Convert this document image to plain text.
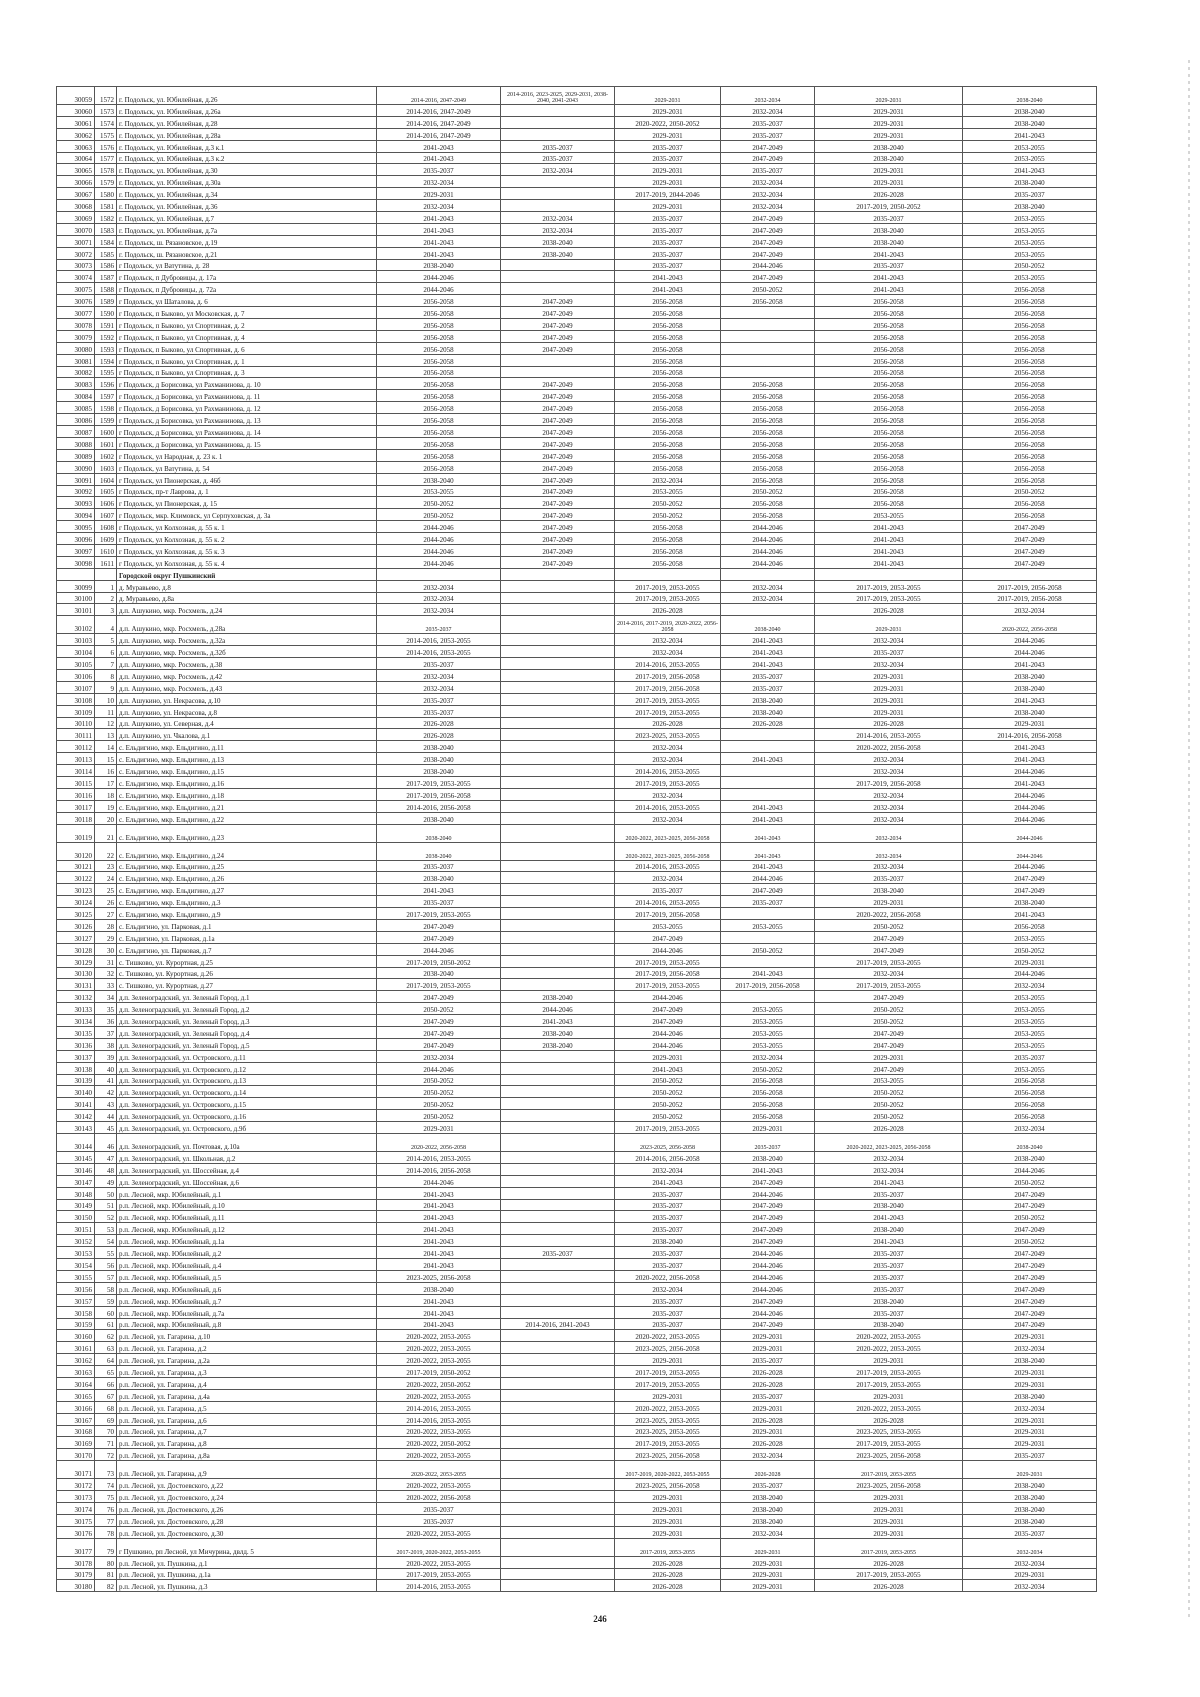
30059	1572	г. Подольск, ул. Юбилейная, д.26	2014-2016, 2047-2049	2014-2016, 2023-2025, 2029-2031, 2038-2040, 2041-2043	2029-2031	2032-2034	2029-2031	2038-2040
30060	1573	г. Подольск, ул. Юбилейная, д.26а	2014-2016, 2047-2049		2029-2031	2032-2034	2029-2031	2038-2040
30061	1574	г. Подольск, ул. Юбилейная, д.28	2014-2016, 2047-2049		2020-2022, 2050-2052	2035-2037	2029-2031	2038-2040
30062	1575	г. Подольск, ул. Юбилейная, д.28а	2014-2016, 2047-2049		2029-2031	2035-2037	2029-2031	2041-2043
30063	1576	г. Подольск, ул. Юбилейная, д.3 к.1	2041-2043	2035-2037	2035-2037	2047-2049	2038-2040	2053-2055
30064	1577	г. Подольск, ул. Юбилейная, д.3 к.2	2041-2043	2035-2037	2035-2037	2047-2049	2038-2040	2053-2055
30065	1578	г. Подольск, ул. Юбилейная, д.30	2035-2037	2032-2034	2029-2031	2035-2037	2029-2031	2041-2043
30066	1579	г. Подольск, ул. Юбилейная, д.30а	2032-2034		2029-2031	2032-2034	2029-2031	2038-2040
30067	1580	г. Подольск, ул. Юбилейная, д.34	2029-2031		2017-2019, 2044-2046	2032-2034	2026-2028	2035-2037
30068	1581	г. Подольск, ул. Юбилейная, д.36	2032-2034		2029-2031	2032-2034	2017-2019, 2050-2052	2038-2040
30069	1582	г. Подольск, ул. Юбилейная, д.7	2041-2043	2032-2034	2035-2037	2047-2049	2035-2037	2053-2055
30070	1583	г. Подольск, ул. Юбилейная, д.7а	2041-2043	2032-2034	2035-2037	2047-2049	2038-2040	2053-2055
30071	1584	г. Подольск, ш. Рязановское, д.19	2041-2043	2038-2040	2035-2037	2047-2049	2038-2040	2053-2055
30072	1585	г. Подольск, ш. Рязановское, д.21	2041-2043	2038-2040	2035-2037	2047-2049	2041-2043	2053-2055
30073	1586	г Подольск, ул Ватутина, д. 28	2038-2040		2035-2037	2044-2046	2035-2037	2050-2052
30074	1587	г Подольск, п Дубровицы, д. 17а	2044-2046		2041-2043	2047-2049	2041-2043	2053-2055
30075	1588	г Подольск, п Дубровицы, д. 72а	2044-2046		2041-2043	2050-2052	2041-2043	2056-2058
30076	1589	г Подольск, ул Шаталова, д. 6	2056-2058	2047-2049	2056-2058	2056-2058	2056-2058	2056-2058
30077	1590	г Подольск, п Быково, ул Московская, д. 7	2056-2058	2047-2049	2056-2058		2056-2058	2056-2058
30078	1591	г Подольск, п Быково, ул Спортивная, д. 2	2056-2058	2047-2049	2056-2058		2056-2058	2056-2058
30079	1592	г Подольск, п Быково, ул Спортивная, д. 4	2056-2058	2047-2049	2056-2058		2056-2058	2056-2058
30080	1593	г Подольск, п Быково, ул Спортивная, д. 6	2056-2058	2047-2049	2056-2058		2056-2058	2056-2058
30081	1594	г Подольск, п Быково, ул Спортивная, д. 1	2056-2058		2056-2058		2056-2058	2056-2058
30082	1595	г Подольск, п Быково, ул Спортивная, д. 3	2056-2058		2056-2058		2056-2058	2056-2058
30083	1596	г Подольск, д Борисовка, ул Рахманинова, д. 10	2056-2058	2047-2049	2056-2058	2056-2058	2056-2058	2056-2058
30084	1597	г Подольск, д Борисовка, ул Рахманинова, д. 11	2056-2058	2047-2049	2056-2058	2056-2058	2056-2058	2056-2058
30085	1598	г Подольск, д Борисовка, ул Рахманинова, д. 12	2056-2058	2047-2049	2056-2058	2056-2058	2056-2058	2056-2058
30086	1599	г Подольск, д Борисовка, ул Рахманинова, д. 13	2056-2058	2047-2049	2056-2058	2056-2058	2056-2058	2056-2058
30087	1600	г Подольск, д Борисовка, ул Рахманинова, д. 14	2056-2058	2047-2049	2056-2058	2056-2058	2056-2058	2056-2058
30088	1601	г Подольск, д Борисовка, ул Рахманинова, д. 15	2056-2058	2047-2049	2056-2058	2056-2058	2056-2058	2056-2058
30089	1602	г Подольск, ул Народная, д. 23 к. 1	2056-2058	2047-2049	2056-2058	2056-2058	2056-2058	2056-2058
30090	1603	г Подольск, ул Ватутина, д. 54	2056-2058	2047-2049	2056-2058	2056-2058	2056-2058	2056-2058
30091	1604	г Подольск, ул Пионерская, д. 46б	2038-2040	2047-2049	2032-2034	2056-2058	2056-2058	2056-2058
30092	1605	г Подольск, пр-т Лаврова, д. 1	2053-2055	2047-2049	2053-2055	2050-2052	2056-2058	2050-2052
30093	1606	г Подольск, ул Пионерская, д. 15	2050-2052	2047-2049	2050-2052	2056-2058	2056-2058	2056-2058
30094	1607	г Подольск, мкр. Климовск, ул Серпуховская, д. 3а	2050-2052	2047-2049	2050-2052	2056-2058	2053-2055	2056-2058
30095	1608	г Подольск, ул Колхозная, д. 55 к. 1	2044-2046	2047-2049	2056-2058	2044-2046	2041-2043	2047-2049
30096	1609	г Подольск, ул Колхозная, д. 55 к. 2	2044-2046	2047-2049	2056-2058	2044-2046	2041-2043	2047-2049
30097	1610	г Подольск, ул Колхозная, д. 55 к. 3	2044-2046	2047-2049	2056-2058	2044-2046	2041-2043	2047-2049
30098	1611	г Подольск, ул Колхозная, д. 55 к. 4	2044-2046	2047-2049	2056-2058	2044-2046	2041-2043	2047-2049
		Городской округ Пушкинский						
30099	1	д. Муравьево, д.8	2032-2034		2017-2019, 2053-2055	2032-2034	2017-2019, 2053-2055	2017-2019, 2056-2058
30100	2	д. Муравьево, д.8а	2032-2034		2017-2019, 2053-2055	2032-2034	2017-2019, 2053-2055	2017-2019, 2056-2058
30101	3	д.п. Ашукино, мкр. Росхмель, д.24	2032-2034		2026-2028		2026-2028	2032-2034
30102	4	д.п. Ашукино, мкр. Росхмель, д.28а	2035-2037		2014-2016, 2017-2019, 2020-2022, 2056-2058	2038-2040	2029-2031	2020-2022, 2056-2058
30103	5	д.п. Ашукино, мкр. Росхмель, д.32а	2014-2016, 2053-2055		2032-2034	2041-2043	2032-2034	2044-2046
30104	6	д.п. Ашукино, мкр. Росхмель, д.32б	2014-2016, 2053-2055		2032-2034	2041-2043	2035-2037	2044-2046
30105	7	д.п. Ашукино, мкр. Росхмель, д.38	2035-2037		2014-2016, 2053-2055	2041-2043	2032-2034	2041-2043
30106	8	д.п. Ашукино, мкр. Росхмель, д.42	2032-2034		2017-2019, 2056-2058	2035-2037	2029-2031	2038-2040
30107	9	д.п. Ашукино, мкр. Росхмель, д.43	2032-2034		2017-2019, 2056-2058	2035-2037	2029-2031	2038-2040
30108	10	д.п. Ашукино, ул. Некрасова, д.10	2035-2037		2017-2019, 2053-2055	2038-2040	2029-2031	2041-2043
30109	11	д.п. Ашукино, ул. Некрасова, д.8	2035-2037		2017-2019, 2053-2055	2038-2040	2029-2031	2038-2040
30110	12	д.п. Ашукино, ул. Северная, д.4	2026-2028		2026-2028	2026-2028	2026-2028	2029-2031
30111	13	д.п. Ашукино, ул. Чкалова, д.1	2026-2028		2023-2025, 2053-2055		2014-2016, 2053-2055	2014-2016, 2056-2058
30112	14	с. Ельдигино, мкр. Ельдигино, д.11	2038-2040		2032-2034		2020-2022, 2056-2058	2041-2043
30113	15	с. Ельдигино, мкр. Ельдигино, д.13	2038-2040		2032-2034	2041-2043	2032-2034	2041-2043
30114	16	с. Ельдигино, мкр. Ельдигино, д.15	2038-2040		2014-2016, 2053-2055		2032-2034	2044-2046
30115	17	с. Ельдигино, мкр. Ельдигино, д.16	2017-2019, 2053-2055		2017-2019, 2053-2055		2017-2019, 2056-2058	2041-2043
30116	18	с. Ельдигино, мкр. Ельдигино, д.18	2017-2019, 2056-2058		2032-2034		2032-2034	2044-2046
30117	19	с. Ельдигино, мкр. Ельдигино, д.21	2014-2016, 2056-2058		2014-2016, 2053-2055	2041-2043	2032-2034	2044-2046
30118	20	с. Ельдигино, мкр. Ельдигино, д.22	2038-2040		2032-2034	2041-2043	2032-2034	2044-2046
30119	21	с. Ельдигино, мкр. Ельдигино, д.23	2038-2040		2020-2022, 2023-2025, 2056-2058	2041-2043	2032-2034	2044-2046
30120	22	с. Ельдигино, мкр. Ельдигино, д.24	2038-2040		2020-2022, 2023-2025, 2056-2058	2041-2043	2032-2034	2044-2046
30121	23	с. Ельдигино, мкр. Ельдигино, д.25	2035-2037		2014-2016, 2053-2055	2041-2043	2032-2034	2044-2046
30122	24	с. Ельдигино, мкр. Ельдигино, д.26	2038-2040		2032-2034	2044-2046	2035-2037	2047-2049
30123	25	с. Ельдигино, мкр. Ельдигино, д.27	2041-2043		2035-2037	2047-2049	2038-2040	2047-2049
30124	26	с. Ельдигино, мкр. Ельдигино, д.3	2035-2037		2014-2016, 2053-2055	2035-2037	2029-2031	2038-2040
30125	27	с. Ельдигино, мкр. Ельдигино, д.9	2017-2019, 2053-2055		2017-2019, 2056-2058		2020-2022, 2056-2058	2041-2043
30126	28	с. Ельдигино, ул. Парковая, д.1	2047-2049		2053-2055	2053-2055	2050-2052	2056-2058
30127	29	с. Ельдигино, ул. Парковая, д.1а	2047-2049		2047-2049		2047-2049	2053-2055
30128	30	с. Ельдигино, ул. Парковая, д.7	2044-2046		2044-2046	2050-2052	2047-2049	2050-2052
30129	31	с. Тишково, ул. Курортная, д.25	2017-2019, 2050-2052		2017-2019, 2053-2055		2017-2019, 2053-2055	2029-2031
30130	32	с. Тишково, ул. Курортная, д.26	2038-2040		2017-2019, 2056-2058	2041-2043	2032-2034	2044-2046
30131	33	с. Тишково, ул. Курортная, д.27	2017-2019, 2053-2055		2017-2019, 2053-2055	2017-2019, 2056-2058	2017-2019, 2053-2055	2032-2034
30132	34	д.п. Зеленоградский, ул. Зеленый Город, д.1	2047-2049	2038-2040	2044-2046		2047-2049	2053-2055
30133	35	д.п. Зеленоградский, ул. Зеленый Город, д.2	2050-2052	2044-2046	2047-2049	2053-2055	2050-2052	2053-2055
30134	36	д.п. Зеленоградский, ул. Зеленый Город, д.3	2047-2049	2041-2043	2047-2049	2053-2055	2050-2052	2053-2055
30135	37	д.п. Зеленоградский, ул. Зеленый Город, д.4	2047-2049	2038-2040	2044-2046	2053-2055	2047-2049	2053-2055
30136	38	д.п. Зеленоградский, ул. Зеленый Город, д.5	2047-2049	2038-2040	2044-2046	2053-2055	2047-2049	2053-2055
30137	39	д.п. Зеленоградский, ул. Островского, д.11	2032-2034		2029-2031	2032-2034	2029-2031	2035-2037
30138	40	д.п. Зеленоградский, ул. Островского, д.12	2044-2046		2041-2043	2050-2052	2047-2049	2053-2055
30139	41	д.п. Зеленоградский, ул. Островского, д.13	2050-2052		2050-2052	2056-2058	2053-2055	2056-2058
30140	42	д.п. Зеленоградский, ул. Островского, д.14	2050-2052		2050-2052	2056-2058	2050-2052	2056-2058
30141	43	д.п. Зеленоградский, ул. Островского, д.15	2050-2052		2050-2052	2056-2058	2050-2052	2056-2058
30142	44	д.п. Зеленоградский, ул. Островского, д.16	2050-2052		2050-2052	2056-2058	2050-2052	2056-2058
30143	45	д.п. Зеленоградский, ул. Островского, д.9б	2029-2031		2017-2019, 2053-2055	2029-2031	2026-2028	2032-2034
30144	46	д.п. Зеленоградский, ул. Почтовая, д.10а	2020-2022, 2056-2058		2023-2025, 2056-2058	2035-2037	2020-2022, 2023-2025, 2056-2058	2038-2040
30145	47	д.п. Зеленоградский, ул. Школьная, д.2	2014-2016, 2053-2055		2014-2016, 2056-2058	2038-2040	2032-2034	2038-2040
30146	48	д.п. Зеленоградский, ул. Шоссейная, д.4	2014-2016, 2056-2058		2032-2034	2041-2043	2032-2034	2044-2046
30147	49	д.п. Зеленоградский, ул. Шоссейная, д.6	2044-2046		2041-2043	2047-2049	2041-2043	2050-2052
30148	50	р.п. Лесной, мкр. Юбилейный, д.1	2041-2043		2035-2037	2044-2046	2035-2037	2047-2049
30149	51	р.п. Лесной, мкр. Юбилейный, д.10	2041-2043		2035-2037	2047-2049	2038-2040	2047-2049
30150	52	р.п. Лесной, мкр. Юбилейный, д.11	2041-2043		2035-2037	2047-2049	2041-2043	2050-2052
30151	53	р.п. Лесной, мкр. Юбилейный, д.12	2041-2043		2035-2037	2047-2049	2038-2040	2047-2049
30152	54	р.п. Лесной, мкр. Юбилейный, д.1а	2041-2043		2038-2040	2047-2049	2041-2043	2050-2052
30153	55	р.п. Лесной, мкр. Юбилейный, д.2	2041-2043	2035-2037	2035-2037	2044-2046	2035-2037	2047-2049
30154	56	р.п. Лесной, мкр. Юбилейный, д.4	2041-2043		2035-2037	2044-2046	2035-2037	2047-2049
30155	57	р.п. Лесной, мкр. Юбилейный, д.5	2023-2025, 2056-2058		2020-2022, 2056-2058	2044-2046	2035-2037	2047-2049
30156	58	р.п. Лесной, мкр. Юбилейный, д.6	2038-2040		2032-2034	2044-2046	2035-2037	2047-2049
30157	59	р.п. Лесной, мкр. Юбилейный, д.7	2041-2043		2035-2037	2047-2049	2038-2040	2047-2049
30158	60	р.п. Лесной, мкр. Юбилейный, д.7а	2041-2043		2035-2037	2044-2046	2035-2037	2047-2049
30159	61	р.п. Лесной, мкр. Юбилейный, д.8	2041-2043	2014-2016, 2041-2043	2035-2037	2047-2049	2038-2040	2047-2049
30160	62	р.п. Лесной, ул. Гагарина, д.10	2020-2022, 2053-2055		2020-2022, 2053-2055	2029-2031	2020-2022, 2053-2055	2029-2031
30161	63	р.п. Лесной, ул. Гагарина, д.2	2020-2022, 2053-2055		2023-2025, 2056-2058	2029-2031	2020-2022, 2053-2055	2032-2034
30162	64	р.п. Лесной, ул. Гагарина, д.2а	2020-2022, 2053-2055		2029-2031	2035-2037	2029-2031	2038-2040
30163	65	р.п. Лесной, ул. Гагарина, д.3	2017-2019, 2050-2052		2017-2019, 2053-2055	2026-2028	2017-2019, 2053-2055	2029-2031
30164	66	р.п. Лесной, ул. Гагарина, д.4	2020-2022, 2050-2052		2017-2019, 2053-2055	2026-2028	2017-2019, 2053-2055	2029-2031
30165	67	р.п. Лесной, ул. Гагарина, д.4а	2020-2022, 2053-2055		2029-2031	2035-2037	2029-2031	2038-2040
30166	68	р.п. Лесной, ул. Гагарина, д.5	2014-2016, 2053-2055		2020-2022, 2053-2055	2029-2031	2020-2022, 2053-2055	2032-2034
30167	69	р.п. Лесной, ул. Гагарина, д.6	2014-2016, 2053-2055		2023-2025, 2053-2055	2026-2028	2026-2028	2029-2031
30168	70	р.п. Лесной, ул. Гагарина, д.7	2020-2022, 2053-2055		2023-2025, 2053-2055	2029-2031	2023-2025, 2053-2055	2029-2031
30169	71	р.п. Лесной, ул. Гагарина, д.8	2020-2022, 2050-2052		2017-2019, 2053-2055	2026-2028	2017-2019, 2053-2055	2029-2031
30170	72	р.п. Лесной, ул. Гагарина, д.8а	2020-2022, 2053-2055		2023-2025, 2056-2058	2032-2034	2023-2025, 2056-2058	2035-2037
30171	73	р.п. Лесной, ул. Гагарина, д.9	2020-2022, 2053-2055		2017-2019, 2020-2022, 2053-2055	2026-2028	2017-2019, 2053-2055	2029-2031
30172	74	р.п. Лесной, ул. Достоевского, д.22	2020-2022, 2053-2055		2023-2025, 2056-2058	2035-2037	2023-2025, 2056-2058	2038-2040
30173	75	р.п. Лесной, ул. Достоевского, д.24	2020-2022, 2056-2058		2029-2031	2038-2040	2029-2031	2038-2040
30174	76	р.п. Лесной, ул. Достоевского, д.26	2035-2037		2029-2031	2038-2040	2029-2031	2038-2040
30175	77	р.п. Лесной, ул. Достоевского, д.28	2035-2037		2029-2031	2038-2040	2029-2031	2038-2040
30176	78	р.п. Лесной, ул. Достоевского, д.30	2020-2022, 2053-2055		2029-2031	2032-2034	2029-2031	2035-2037
30177	79	г Пушкино, рп Лесной, ул Мичурина, двлд. 5	2017-2019, 2020-2022, 2053-2055		2017-2019, 2053-2055	2029-2031	2017-2019, 2053-2055	2032-2034
30178	80	р.п. Лесной, ул. Пушкина, д.1	2020-2022, 2053-2055		2026-2028	2029-2031	2026-2028	2032-2034
30179	81	р.п. Лесной, ул. Пушкина, д.1а	2017-2019, 2053-2055		2026-2028	2029-2031	2017-2019, 2053-2055	2029-2031
30180	82	р.п. Лесной, ул. Пушкина, д.3	2014-2016, 2053-2055		2026-2028	2029-2031	2026-2028	2032-2034
246
